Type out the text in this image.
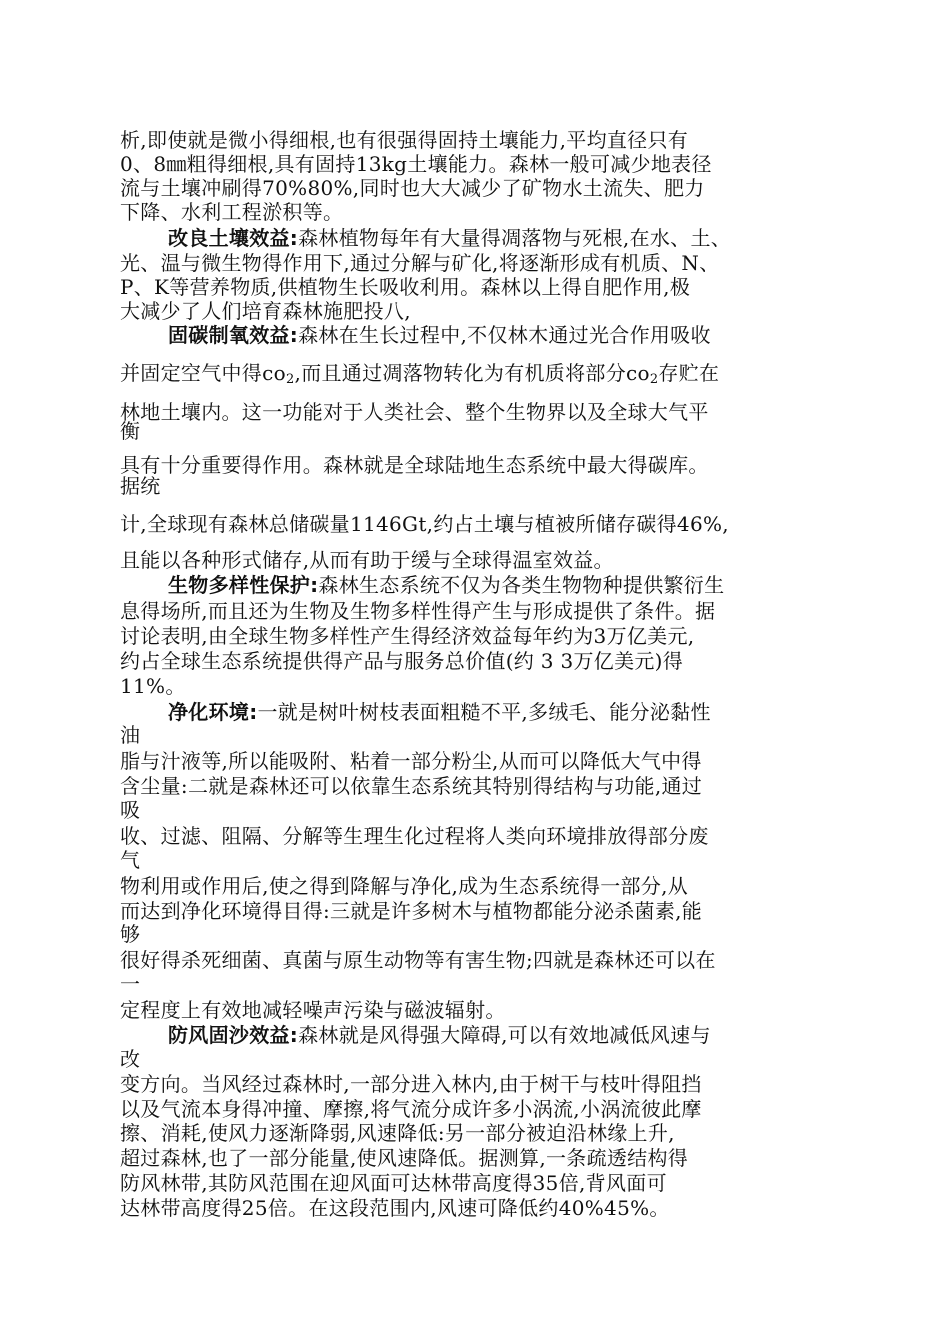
析,即使就是微小得细根,也有很强得固持土壤能力,平均直径只有
0、8㎜粗得细根,具有固持13kg土壤能力。森林一般可减少地表径
流与土壤冲刷得70%80%,同时也大大减少了矿物水土流失、肥力
下降、水利工程淤积等。
改良土壤效益:森林植物每年有大量得凋落物与死根,在水、土、
光、温与微生物得作用下,通过分解与矿化,将逐渐形成有机质、N、
P、K等营养物质,供植物生长吸收利用。森林以上得自肥作用,极
大减少了人们培育森林施肥投八,
固碳制氧效益:森林在生长过程中,不仅林木通过光合作用吸收
并固定空气中得$co_2$,而且通过凋落物转化为有机质将部分$co_2$存贮在
林地土壤内。这一功能对于人类社会、整个生物界以及全球大气平
衡
具有十分重要得作用。森林就是全球陆地生态系统中最大得碳库。
据统
计,全球现有森林总储碳量1146Gt,约占土壤与植被所储存碳得46%,
且能以各种形式储存,从而有助于缓与全球得温室效益。
生物多样性保护:森林生态系统不仅为各类生物物种提供繁衍生
息得场所,而且还为生物及生物多样性得产生与形成提供了条件。据
讨论表明,由全球生物多样性产生得经济效益每年约为3万亿美元,
约占全球生态系统提供得产品与服务总价值(约 3 3万亿美元)得
11%。
净化环境:一就是树叶树枝表面粗糙不平,多绒毛、能分泌黏性
油
脂与汁液等,所以能吸附、粘着一部分粉尘,从而可以降低大气中得
含尘量:二就是森林还可以依靠生态系统其特别得结构与功能,通过
吸
收、过滤、阻隔、分解等生理生化过程将人类向环境排放得部分废
气
物利用或作用后,使之得到降解与净化,成为生态系统得一部分,从
而达到净化环境得目得:三就是许多树木与植物都能分泌杀菌素,能
够
很好得杀死细菌、真菌与原生动物等有害生物;四就是森林还可以在
一
定程度上有效地减轻噪声污染与磁波辐射。
防风固沙效益:森林就是风得强大障碍,可以有效地减低风速与
改
变方向。当风经过森林时,一部分进入林内,由于树干与枝叶得阻挡
以及气流本身得冲撞、摩擦,将气流分成许多小涡流,小涡流彼此摩
擦、消耗,使风力逐渐降弱,风速降低:另一部分被迫沿林缘上升,
超过森林,也了一部分能量,使风速降低。据测算,一条疏透结构得
防风林带,其防风范围在迎风面可达林带高度得35倍,背风面可
达林带高度得25倍。在这段范围内,风速可降低约40%45%。
